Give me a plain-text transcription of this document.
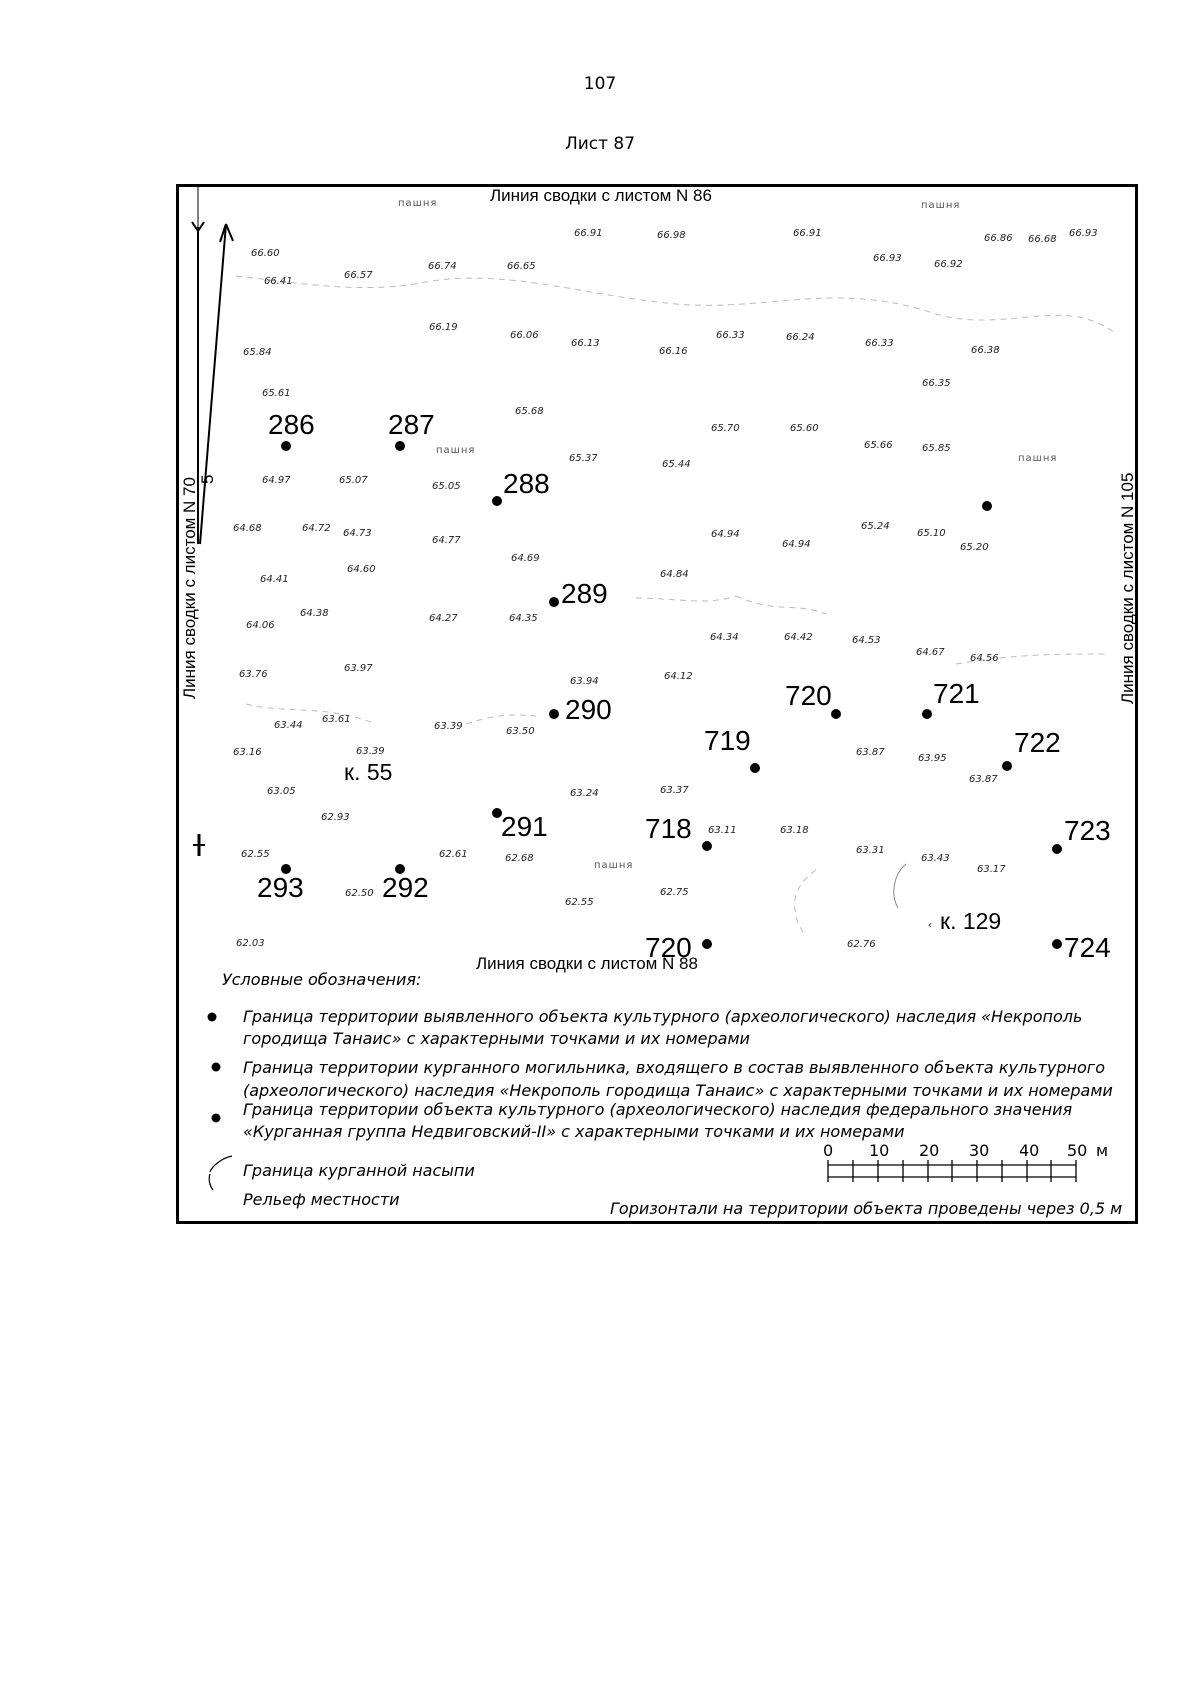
107
Лист 87
Линия сводки с листом N 86
Линия сводки с листом N 88
Линия сводки с листом N 70	Линия сводки с листом N 105
5
пашня	пашня
пашня
пашня
пашня
66.60
66.41
66.57
66.74	66.65
66.91	66.98	66.91
66.93
66.92
66.86 66.68
66.93
66.19
66.06
66.13
66.16
66.33	66.24
66.33
66.38
65.84
66.35
65.61
65.68
65.70	65.60
65.66	65.85
65.37
65.44
64.97	65.07
65.05
64.68	64.72 64.73
64.77
64.69
64.94
64.94
65.24
65.10
65.20
64.41
64.60	64.84
64.06
64.38	64.27	64.35
64.34	64.42	64.53
64.67
64.56
63.76
63.97
63.94	64.12
63.44
63.61
63.39	63.50
63.16	63.39	63.87
63.95
63.87
63.05	63.24	63.37
62.93
63.11	63.18
62.55	62.61	62.68
63.31
63.43
63.17
62.50
62.55
62.75
62.03	62.76
286	287
288
289
290
291
292
293
718
719
720	721
722
723
724
720
к. 55
к. 129
‹
Условные обозначения:
Граница территории выявленного объекта культурного (археологического) наследия «Некрополь
городища Танаис» с характерными точками и их номерами
Граница территории курганного могильника, входящего в состав выявленного объекта культурного
(археологического) наследия «Некрополь городища Танаис» с характерными точками и их номерами
Граница территории объекта культурного (археологического) наследия федерального значения
«Курганная группа Недвиговский-II» с характерными точками и их номерами
Граница курганной насыпи
Рельеф местности
0 10 20 30 40 50 м
Горизонтали на территории объекта проведены через 0,5 м
